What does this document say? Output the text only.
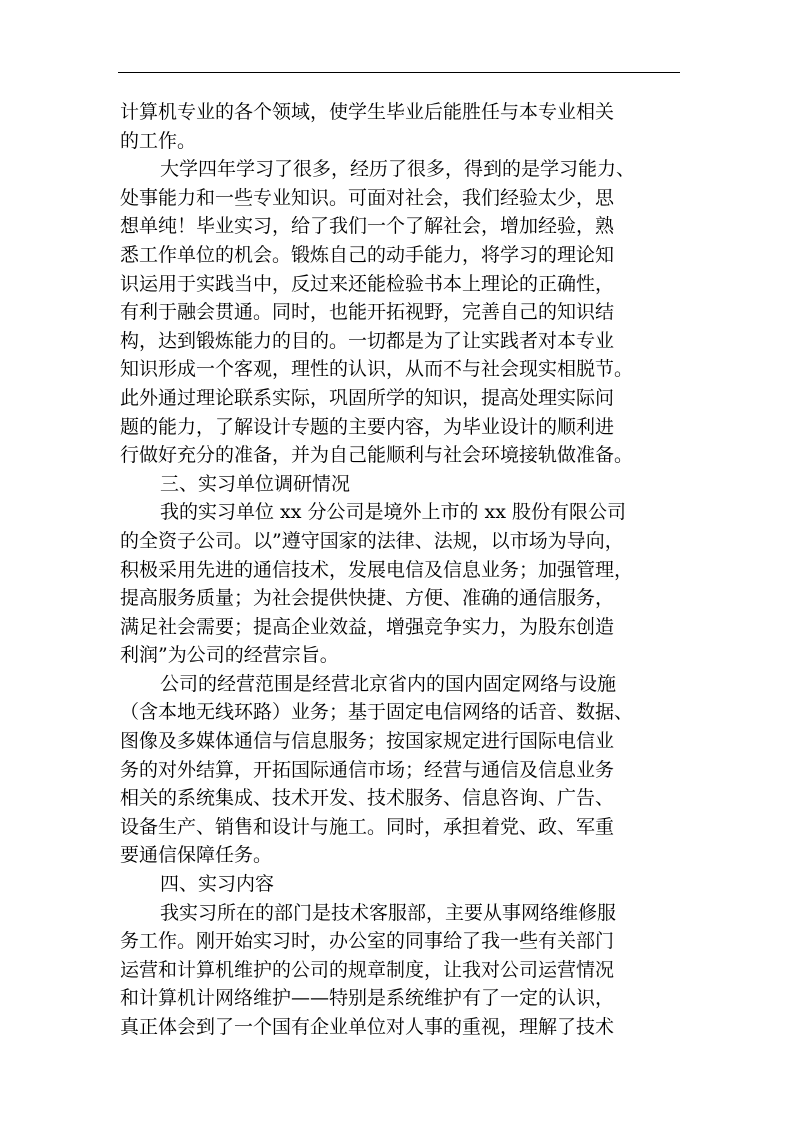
计算机专业的各个领域，使学生毕业后能胜任与本专业相关
的工作。
大学四年学习了很多，经历了很多，得到的是学习能力、
处事能力和一些专业知识。可面对社会，我们经验太少，思
想单纯！毕业实习，给了我们一个了解社会，增加经验，熟
悉工作单位的机会。锻炼自己的动手能力，将学习的理论知
识运用于实践当中，反过来还能检验书本上理论的正确性，
有利于融会贯通。同时，也能开拓视野，完善自己的知识结
构，达到锻炼能力的目的。一切都是为了让实践者对本专业
知识形成一个客观，理性的认识，从而不与社会现实相脱节。
此外通过理论联系实际，巩固所学的知识，提高处理实际问
题的能力，了解设计专题的主要内容，为毕业设计的顺利进
行做好充分的准备，并为自己能顺利与社会环境接轨做准备。
三、实习单位调研情况
我的实习单位 xx 分公司是境外上市的 xx 股份有限公司
的全资子公司。以”遵守国家的法律、法规，以市场为导向，
积极采用先进的通信技术，发展电信及信息业务；加强管理，
提高服务质量；为社会提供快捷、方便、准确的通信服务，
满足社会需要；提高企业效益，增强竞争实力，为股东创造
利润”为公司的经营宗旨。
公司的经营范围是经营北京省内的国内固定网络与设施
（含本地无线环路）业务；基于固定电信网络的话音、数据、
图像及多媒体通信与信息服务；按国家规定进行国际电信业
务的对外结算，开拓国际通信市场；经营与通信及信息业务
相关的系统集成、技术开发、技术服务、信息咨询、广告、
设备生产、销售和设计与施工。同时，承担着党、政、军重
要通信保障任务。
四、实习内容
我实习所在的部门是技术客服部，主要从事网络维修服
务工作。刚开始实习时，办公室的同事给了我一些有关部门
运营和计算机维护的公司的规章制度，让我对公司运营情况
和计算机计网络维护——特别是系统维护有了一定的认识，
真正体会到了一个国有企业单位对人事的重视，理解了技术
